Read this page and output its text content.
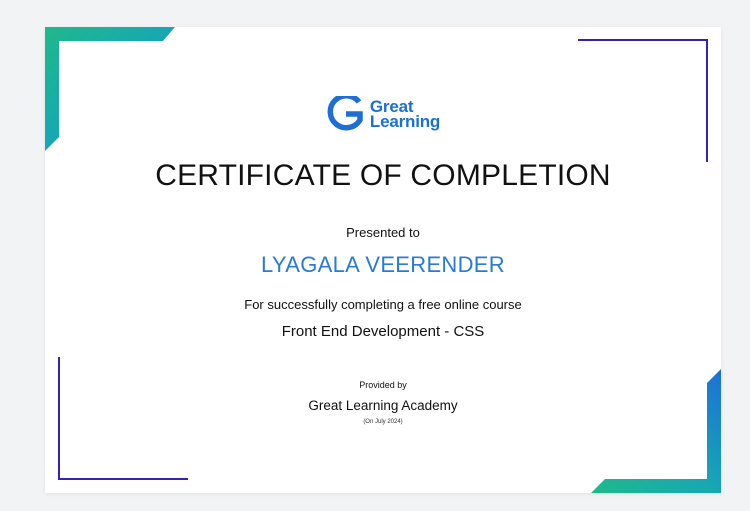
Great
Learning
CERTIFICATE OF COMPLETION
Presented to
LYAGALA VEERENDER
For successfully completing a free online course
Front End Development - CSS
Provided by
Great Learning Academy
(On July 2024)
